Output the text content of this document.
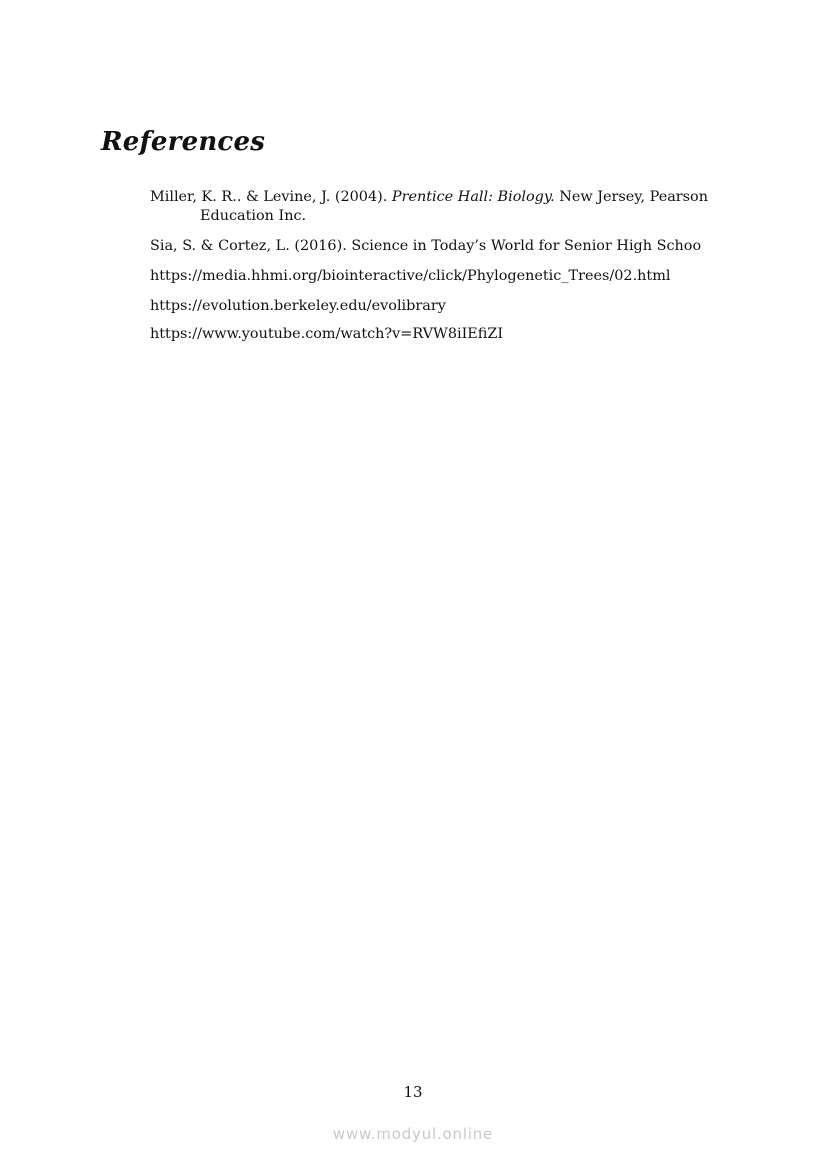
References

Miller, K. R.. & Levine, J. (2004). Prentice Hall: Biology. New Jersey, Pearson Education Inc.

Sia, S. & Cortez, L. (2016). Science in Today’s World for Senior High Schoo

https://media.hhmi.org/biointeractive/click/Phylogenetic_Trees/02.html

https://evolution.berkeley.edu/evolibrary

https://www.youtube.com/watch?v=RVW8iIEfiZI

13
www.modyul.online
